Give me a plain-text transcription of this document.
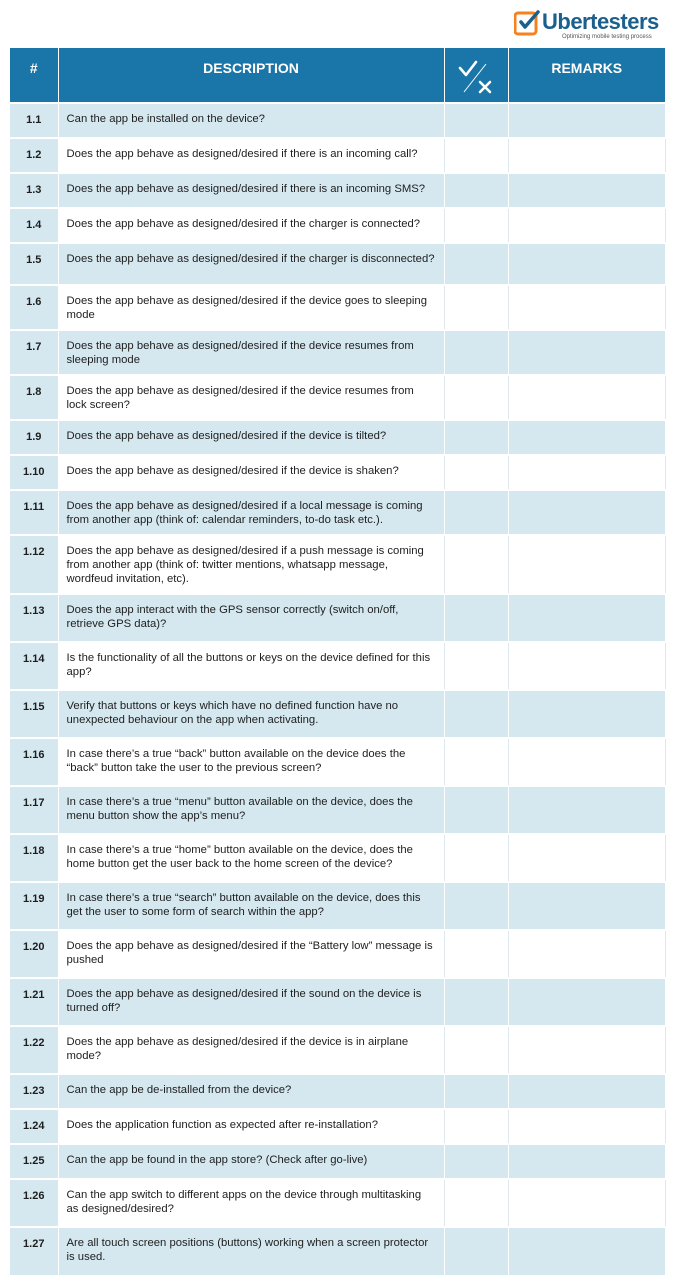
Ubertesters
Optimizing mobile testing process
#	DESCRIPTION		REMARKS

1.1	Can the app be installed on the device?		
1.2	Does the app behave as designed/desired if there is an incoming call?		
1.3	Does the app behave as designed/desired if there is an incoming SMS?		
1.4	Does the app behave as designed/desired if the charger is connected?		
1.5	Does the app behave as designed/desired if the charger is disconnected?		
1.6	Does the app behave as designed/desired if the device goes to sleeping mode		
1.7	Does the app behave as designed/desired if the device resumes from sleeping mode		
1.8	Does the app behave as designed/desired if the device resumes from lock screen?		
1.9	Does the app behave as designed/desired if the device is tilted?		
1.10	Does the app behave as designed/desired if the device is shaken?		
1.11	Does the app behave as designed/desired if a local message is coming from another app (think of: calendar reminders, to-do task etc.).		
1.12	Does the app behave as designed/desired if a push message is coming from another app (think of: twitter mentions, whatsapp message, wordfeud invitation, etc).		
1.13	Does the app interact with the GPS sensor correctly (switch on/off, retrieve GPS data)?		
1.14	Is the functionality of all the buttons or keys on the device defined for this app?		
1.15	Verify that buttons or keys which have no defined function have no unexpected behaviour on the app when activating.		
1.16	In case there’s a true “back” button available on the device does the “back” button take the user to the previous screen?		
1.17	In case there’s a true “menu” button available on the device, does the menu button show the app’s menu?		
1.18	In case there’s a true “home” button available on the device, does the home button get the user back to the home screen of the device?		
1.19	In case there’s a true “search” button available on the device, does this get the user to some form of search within the app?		
1.20	Does the app behave as designed/desired if the “Battery low” message is pushed		
1.21	Does the app behave as designed/desired if the sound on the device is turned off?		
1.22	Does the app behave as designed/desired if the device is in airplane mode?		
1.23	Can the app be de-installed from the device?		
1.24	Does the application function as expected after re-installation?		
1.25	Can the app be found in the app store? (Check after go-live)		
1.26	Can the app switch to different apps on the device through multitasking as designed/desired?		
1.27	Are all touch screen positions (buttons) working when a screen protector is used.		
